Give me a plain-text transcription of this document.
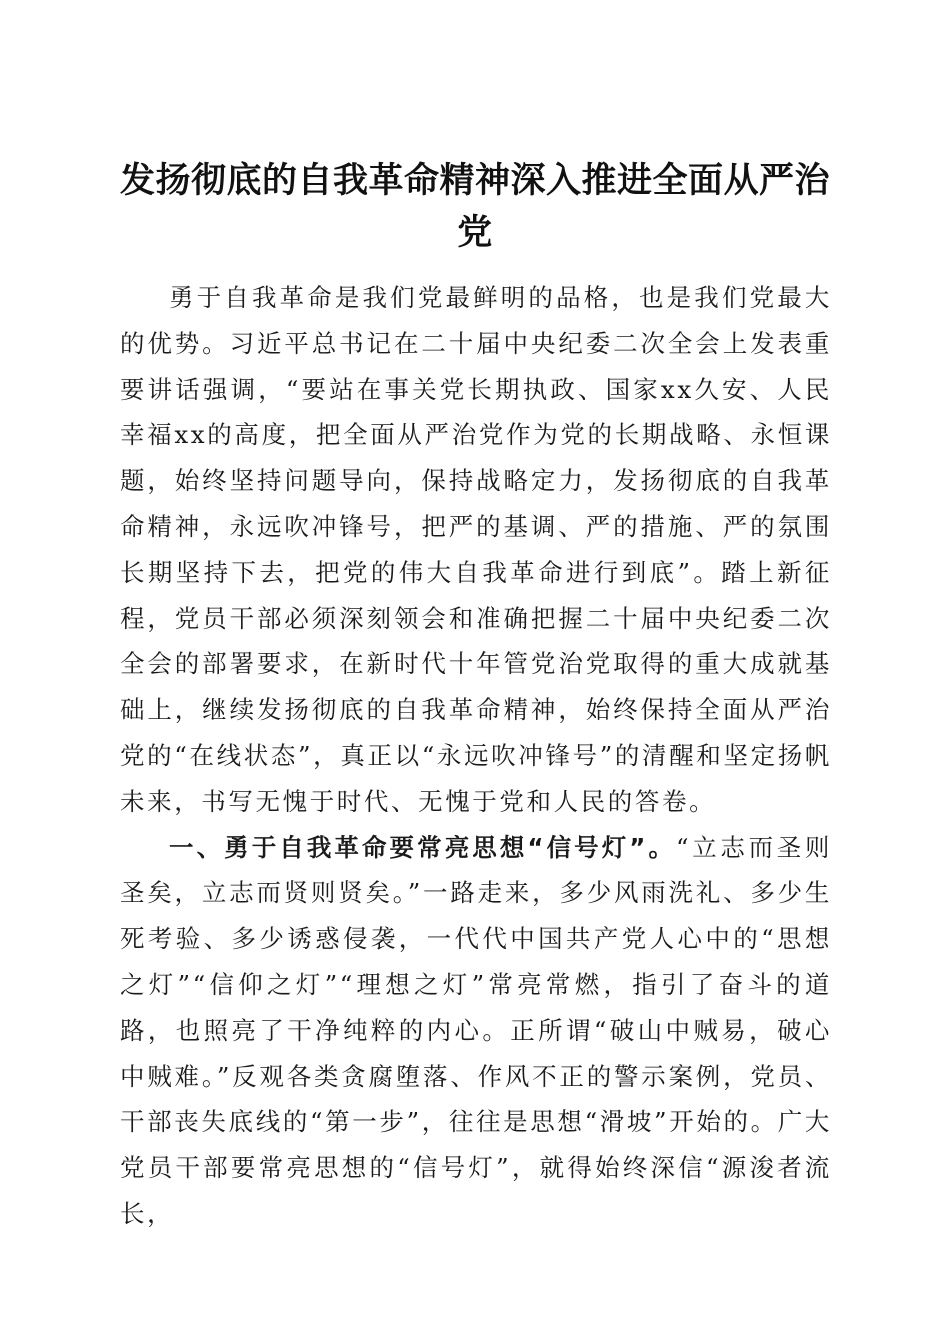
发扬彻底的自我革命精神深入推进全面从严治党

勇于自我革命是我们党最鲜明的品格，也是我们党最大的优势。习近平总书记在二十届中央纪委二次全会上发表重要讲话强调，“要站在事关党长期执政、国家xx久安、人民幸福xx的高度，把全面从严治党作为党的长期战略、永恒课题，始终坚持问题导向，保持战略定力，发扬彻底的自我革命精神，永远吹冲锋号，把严的基调、严的措施、严的氛围长期坚持下去，把党的伟大自我革命进行到底”。踏上新征程，党员干部必须深刻领会和准确把握二十届中央纪委二次全会的部署要求，在新时代十年管党治党取得的重大成就基础上，继续发扬彻底的自我革命精神，始终保持全面从严治党的“在线状态”，真正以“永远吹冲锋号”的清醒和坚定扬帆未来，书写无愧于时代、无愧于党和人民的答卷。

一、勇于自我革命要常亮思想“信号灯”。“立志而圣则圣矣，立志而贤则贤矣。”一路走来，多少风雨洗礼、多少生死考验、多少诱惑侵袭，一代代中国共产党人心中的“思想之灯”“信仰之灯”“理想之灯”常亮常燃，指引了奋斗的道路，也照亮了干净纯粹的内心。正所谓“破山中贼易，破心中贼难。”反观各类贪腐堕落、作风不正的警示案例，党员、干部丧失底线的“第一步”，往往是思想“滑坡”开始的。广大党员干部要常亮思想的“信号灯”，就得始终深信“源浚者流长，
